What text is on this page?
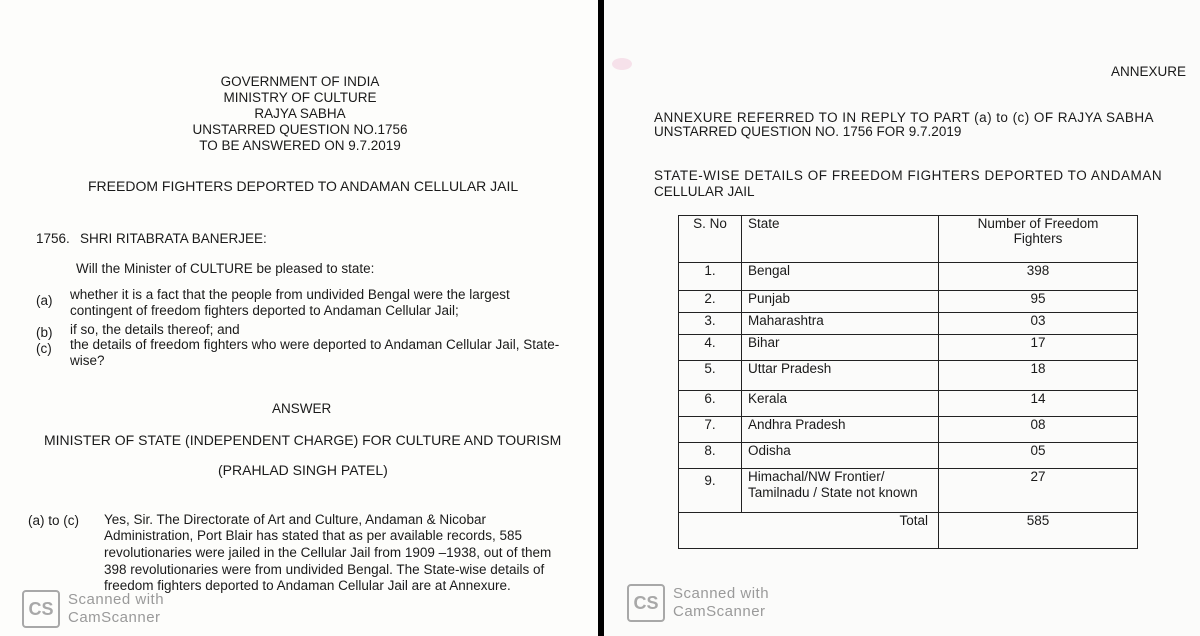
GOVERNMENT OF INDIA
MINISTRY OF CULTURE
RAJYA SABHA
UNSTARRED QUESTION NO.1756
TO BE ANSWERED ON 9.7.2019
FREEDOM FIGHTERS DEPORTED TO ANDAMAN CELLULAR JAIL
1756. SHRI RITABRATA BANERJEE:
Will the Minister of CULTURE be pleased to state:
(a) whether it is a fact that the people from undivided Bengal were the largest
contingent of freedom fighters deported to Andaman Cellular Jail;
(b) if so, the details thereof; and
(c) the details of freedom fighters who were deported to Andaman Cellular Jail, State-
wise?
ANSWER
MINISTER OF STATE (INDEPENDENT CHARGE) FOR CULTURE AND TOURISM
(PRAHLAD SINGH PATEL)
(a) to (c) Yes, Sir. The Directorate of Art and Culture, Andaman & Nicobar
Administration, Port Blair has stated that as per available records, 585
revolutionaries were jailed in the Cellular Jail from 1909 –1938, out of them
398 revolutionaries were from undivided Bengal. The State-wise details of
freedom fighters deported to Andaman Cellular Jail are at Annexure.
CS Scanned with
CamScanner
ANNEXURE
ANNEXURE REFERRED TO IN REPLY TO PART (a) to (c) OF RAJYA SABHA
UNSTARRED QUESTION NO. 1756 FOR 9.7.2019
STATE-WISE DETAILS OF FREEDOM FIGHTERS DEPORTED TO ANDAMAN
CELLULAR JAIL
S. No	State	Number of Freedom Fighters
1.	Bengal	398
2.	Punjab	95
3.	Maharashtra	03
4.	Bihar	17
5.	Uttar Pradesh	18
6.	Kerala	14
7.	Andhra Pradesh	08
8.	Odisha	05
9.	Himachal/NW Frontier/ Tamilnadu / State not known	27
Total		585
CS Scanned with
CamScanner
